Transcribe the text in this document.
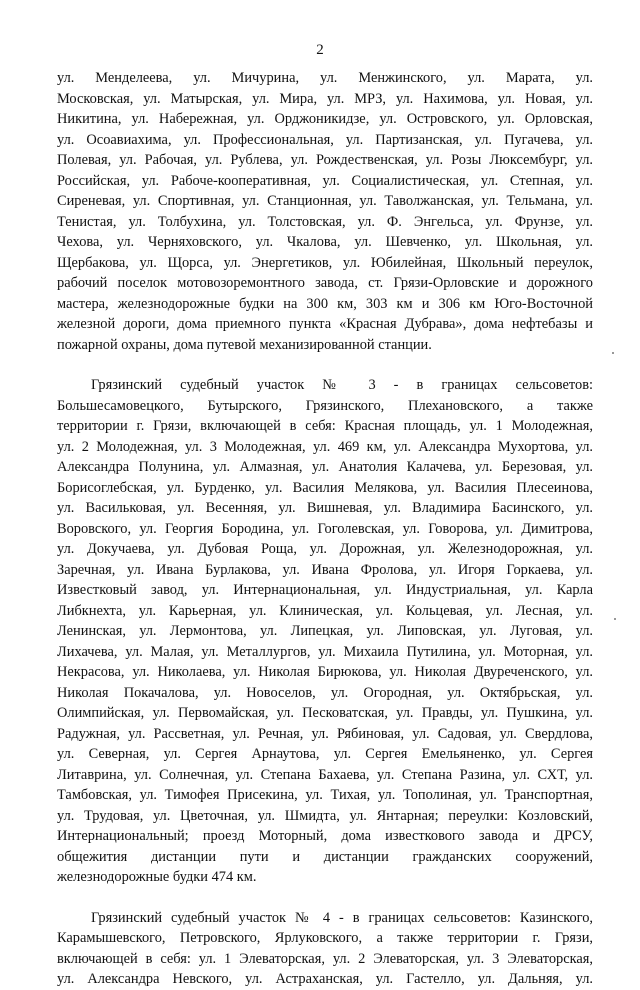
2
ул. Менделеева, ул. Мичурина, ул. Менжинского, ул. Марата, ул.
Московская, ул. Матырская, ул. Мира, ул. МРЗ, ул. Нахимова, ул. Новая, ул.
Никитина, ул. Набережная, ул. Орджоникидзе, ул. Островского, ул. Орловская,
ул. Осоавиахима, ул. Профессиональная, ул. Партизанская, ул. Пугачева, ул.
Полевая, ул. Рабочая, ул. Рублева, ул. Рождественская, ул. Розы Люксембург, ул.
Российская, ул. Рабоче-кооперативная, ул. Социалистическая, ул. Степная, ул.
Сиреневая, ул. Спортивная, ул. Станционная, ул. Таволжанская, ул. Тельмана, ул.
Тенистая, ул. Толбухина, ул. Толстовская, ул. Ф. Энгельса, ул. Фрунзе, ул.
Чехова, ул. Черняховского, ул. Чкалова, ул. Шевченко, ул. Школьная, ул.
Щербакова, ул. Щорса, ул. Энергетиков, ул. Юбилейная, Школьный переулок,
рабочий поселок мотовозоремонтного завода, ст. Грязи-Орловские и дорожного
мастера, железнодорожные будки на 300 км, 303 км и 306 км Юго-Восточной
железной дороги, дома приемного пункта «Красная Дубрава», дома нефтебазы и
пожарной охраны, дома путевой механизированной станции.
Грязинский судебный участок № 3 - в границах сельсоветов:
Большесамовецкого, Бутырского, Грязинского, Плехановского, а также
территории г. Грязи, включающей в себя: Красная площадь, ул. 1 Молодежная,
ул. 2 Молодежная, ул. 3 Молодежная, ул. 469 км, ул. Александра Мухортова, ул.
Александра Полунина, ул. Алмазная, ул. Анатолия Калачева, ул. Березовая, ул.
Борисоглебская, ул. Бурденко, ул. Василия Мелякова, ул. Василия Плесеинова,
ул. Васильковая, ул. Весенняя, ул. Вишневая, ул. Владимира Басинского, ул.
Воровского, ул. Георгия Бородина, ул. Гоголевская, ул. Говорова, ул. Димитрова,
ул. Докучаева, ул. Дубовая Роща, ул. Дорожная, ул. Железнодорожная, ул.
Заречная, ул. Ивана Бурлакова, ул. Ивана Фролова, ул. Игоря Горкаева, ул.
Известковый завод, ул. Интернациональная, ул. Индустриальная, ул. Карла
Либкнехта, ул. Карьерная, ул. Клиническая, ул. Кольцевая, ул. Лесная, ул.
Ленинская, ул. Лермонтова, ул. Липецкая, ул. Липовская, ул. Луговая, ул.
Лихачева, ул. Малая, ул. Металлургов, ул. Михаила Путилина, ул. Моторная, ул.
Некрасова, ул. Николаева, ул. Николая Бирюкова, ул. Николая Двуреченского, ул.
Николая Покачалова, ул. Новоселов, ул. Огородная, ул. Октябрьская, ул.
Олимпийская, ул. Первомайская, ул. Песковатская, ул. Правды, ул. Пушкина, ул.
Радужная, ул. Рассветная, ул. Речная, ул. Рябиновая, ул. Садовая, ул. Свердлова,
ул. Северная, ул. Сергея Арнаутова, ул. Сергея Емельяненко, ул. Сергея
Литаврина, ул. Солнечная, ул. Степана Бахаева, ул. Степана Разина, ул. СХТ, ул.
Тамбовская, ул. Тимофея Присекина, ул. Тихая, ул. Тополиная, ул. Транспортная,
ул. Трудовая, ул. Цветочная, ул. Шмидта, ул. Янтарная; переулки: Козловский,
Интернациональный; проезд Моторный, дома известкового завода и ДРСУ,
общежития дистанции пути и дистанции гражданских сооружений,
железнодорожные будки 474 км.
Грязинский судебный участок № 4 - в границах сельсоветов: Казинского,
Карамышевского, Петровского, Ярлуковского, а также территории г. Грязи,
включающей в себя: ул. 1 Элеваторская, ул. 2 Элеваторская, ул. 3 Элеваторская,
ул. Александра Невского, ул. Астраханская, ул. Гастелло, ул. Дальняя, ул.
